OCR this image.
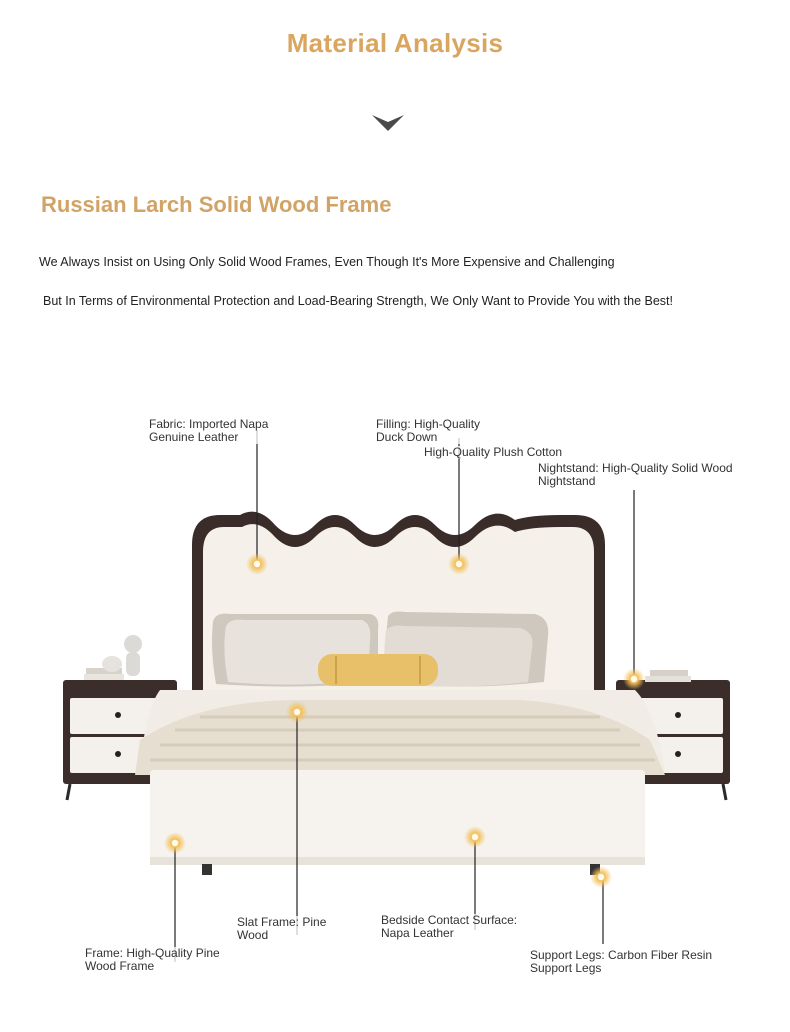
Material Analysis
Russian Larch Solid Wood Frame
We Always Insist on Using Only Solid Wood Frames, Even Though It's More Expensive and Challenging
But In Terms of Environmental Protection and Load-Bearing Strength, We Only Want to Provide You with the Best!
Fabric: Imported Napa
Genuine Leather
Filling: High-Quality
Duck Down
High-Quality Plush Cotton
Nightstand: High-Quality Solid Wood
Nightstand
Slat Frame: Pine
Wood
Bedside Contact Surface:
Napa Leather
Frame: High-Quality Pine
Wood Frame
Support Legs: Carbon Fiber Resin
Support Legs
